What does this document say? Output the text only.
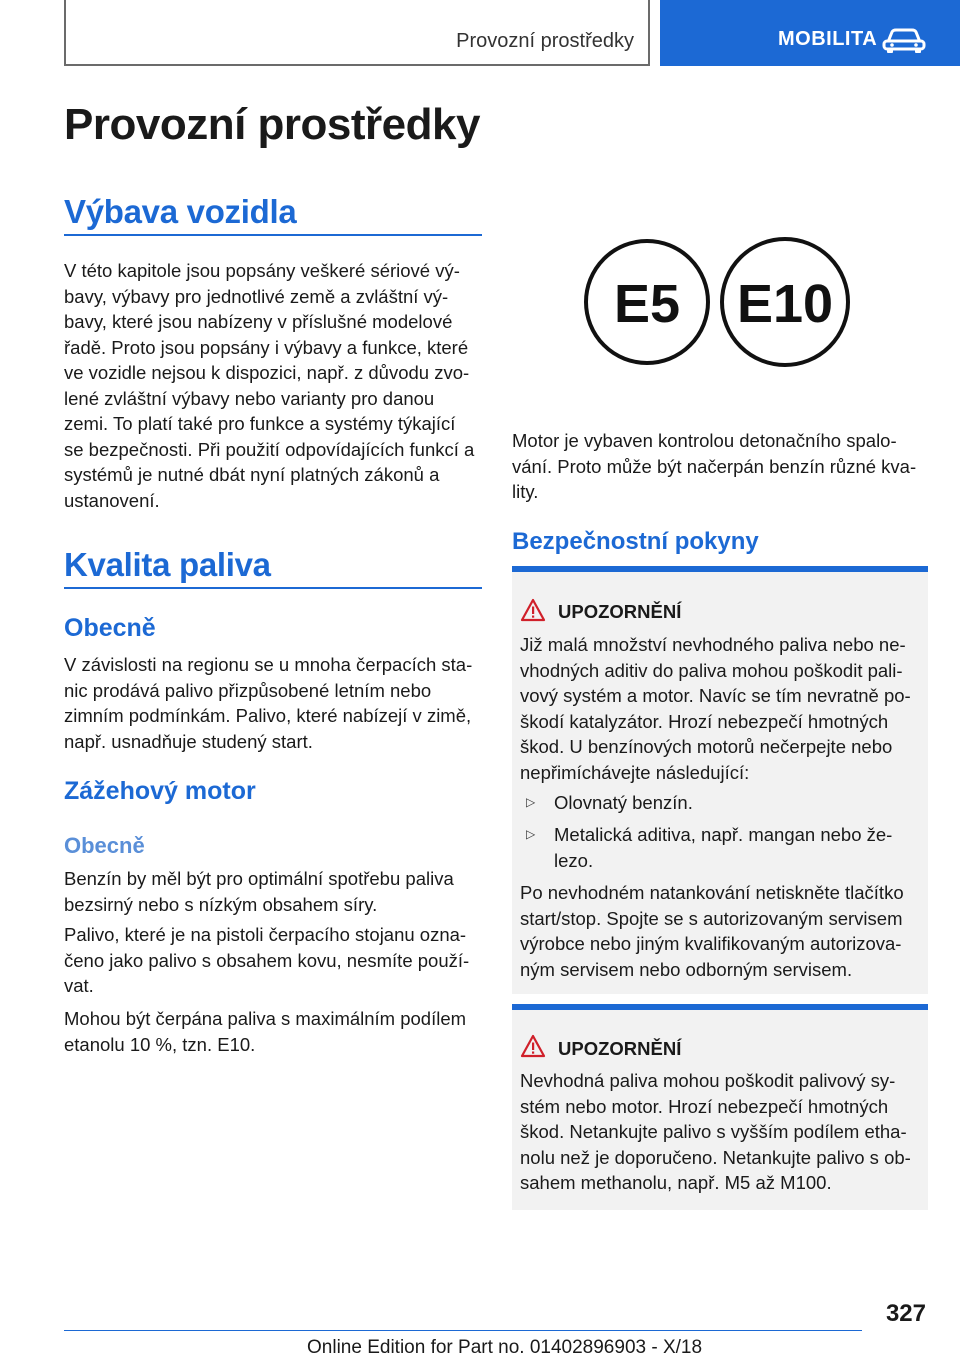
Provozní prostředky	MOBILITA
Provozní prostředky
Výbava vozidla
V této kapitole jsou popsány veškeré sériové vý-
bavy, výbavy pro jednotlivé země a zvláštní vý-
bavy, které jsou nabízeny v příslušné modelové
řadě. Proto jsou popsány i výbavy a funkce, které
ve vozidle nejsou k dispozici, např. z důvodu zvo-
lené zvláštní výbavy nebo varianty pro danou
zemi. To platí také pro funkce a systémy týkající
se bezpečnosti. Při použití odpovídajících funkcí a
systémů je nutné dbát nyní platných zákonů a
ustanovení.
Kvalita paliva
Obecně
V závislosti na regionu se u mnoha čerpacích sta-
nic prodává palivo přizpůsobené letním nebo
zimním podmínkám. Palivo, které nabízejí v zimě,
např. usnadňuje studený start.
Zážehový motor
Obecně
Benzín by měl být pro optimální spotřebu paliva
bezsirný nebo s nízkým obsahem síry.
Palivo, které je na pistoli čerpacího stojanu ozna-
čeno jako palivo s obsahem kovu, nesmíte použí-
vat.
Mohou být čerpána paliva s maximálním podílem
etanolu 10 %, tzn. E10.
E5 E10
Motor je vybaven kontrolou detonačního spalo-
vání. Proto může být načerpán benzín různé kva-
lity.
Bezpečnostní pokyny
UPOZORNĚNÍ
Již malá množství nevhodného paliva nebo ne-
vhodných aditiv do paliva mohou poškodit pali-
vový systém a motor. Navíc se tím nevratně po-
škodí katalyzátor. Hrozí nebezpečí hmotných
škod. U benzínových motorů nečerpejte nebo
nepřimíchávejte následující:
▷ Olovnatý benzín.
▷ Metalická aditiva, např. mangan nebo že-
lezo.
Po nevhodném natankování netiskněte tlačítko
start/stop. Spojte se s autorizovaným servisem
výrobce nebo jiným kvalifikovaným autorizova-
ným servisem nebo odborným servisem.
UPOZORNĚNÍ
Nevhodná paliva mohou poškodit palivový sy-
stém nebo motor. Hrozí nebezpečí hmotných
škod. Netankujte palivo s vyšším podílem etha-
nolu než je doporučeno. Netankujte palivo s ob-
sahem methanolu, např. M5 až M100.
327
Online Edition for Part no. 01402896903 - X/18
